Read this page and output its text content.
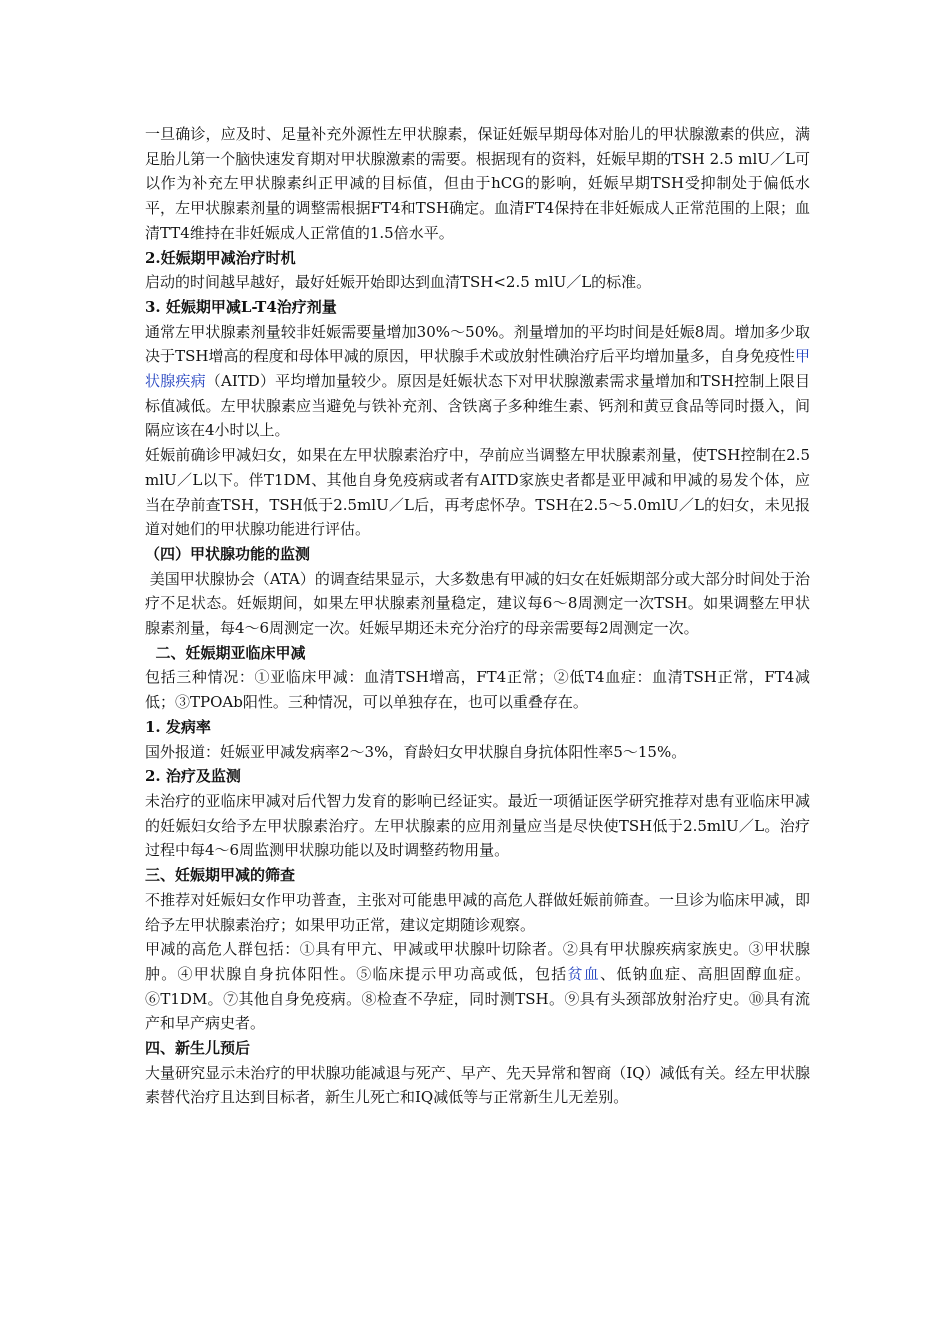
一旦确诊，应及时、足量补充外源性左甲状腺素，保证妊娠早期母体对胎儿的甲状腺激素的供应，满足胎儿第一个脑快速发育期对甲状腺激素的需要。根据现有的资料，妊娠早期的TSH 2.5 mlU／L可以作为补充左甲状腺素纠正甲减的目标值，但由于hCG的影响，妊娠早期TSH受抑制处于偏低水平，左甲状腺素剂量的调整需根据FT4和TSH确定。血清FT4保持在非妊娠成人正常范围的上限；血清TT4维持在非妊娠成人正常值的1.5倍水平。

2.妊娠期甲减治疗时机

启动的时间越早越好，最好妊娠开始即达到血清TSH<2.5 mlU／L的标准。

3. 妊娠期甲减L-T4治疗剂量

通常左甲状腺素剂量较非妊娠需要量增加30%～50%。剂量增加的平均时间是妊娠8周。增加多少取决于TSH增高的程度和母体甲减的原因，甲状腺手术或放射性碘治疗后平均增加量多，自身免疫性甲状腺疾病（AITD）平均增加量较少。原因是妊娠状态下对甲状腺激素需求量增加和TSH控制上限目标值减低。左甲状腺素应当避免与铁补充剂、含铁离子多种维生素、钙剂和黄豆食品等同时摄入，间隔应该在4小时以上。

妊娠前确诊甲减妇女，如果在左甲状腺素治疗中，孕前应当调整左甲状腺素剂量，使TSH控制在2.5 mlU／L以下。伴T1DM、其他自身免疫病或者有AITD家族史者都是亚甲减和甲减的易发个体，应当在孕前查TSH，TSH低于2.5mlU／L后，再考虑怀孕。TSH在2.5～5.0mlU／L的妇女，未见报道对她们的甲状腺功能进行评估。

（四）甲状腺功能的监测

美国甲状腺协会（ATA）的调查结果显示，大多数患有甲减的妇女在妊娠期部分或大部分时间处于治疗不足状态。妊娠期间，如果左甲状腺素剂量稳定，建议每6～8周测定一次TSH。如果调整左甲状腺素剂量，每4～6周测定一次。妊娠早期还未充分治疗的母亲需要每2周测定一次。

二、妊娠期亚临床甲减

包括三种情况：①亚临床甲减：血清TSH增高，FT4正常；②低T4血症：血清TSH正常，FT4减低；③TPOAb阳性。三种情况，可以单独存在，也可以重叠存在。

1. 发病率

国外报道：妊娠亚甲减发病率2～3%，育龄妇女甲状腺自身抗体阳性率5～15%。

2. 治疗及监测

未治疗的亚临床甲减对后代智力发育的影响已经证实。最近一项循证医学研究推荐对患有亚临床甲减的妊娠妇女给予左甲状腺素治疗。左甲状腺素的应用剂量应当是尽快使TSH低于2.5mlU／L。治疗过程中每4～6周监测甲状腺功能以及时调整药物用量。

三、妊娠期甲减的筛查

不推荐对妊娠妇女作甲功普查，主张对可能患甲减的高危人群做妊娠前筛查。一旦诊为临床甲减，即给予左甲状腺素治疗；如果甲功正常，建议定期随诊观察。

甲减的高危人群包括：①具有甲亢、甲减或甲状腺叶切除者。②具有甲状腺疾病家族史。③甲状腺肿。④甲状腺自身抗体阳性。⑤临床提示甲功高或低，包括贫血、低钠血症、高胆固醇血症。⑥T1DM。⑦其他自身免疫病。⑧检查不孕症，同时测TSH。⑨具有头颈部放射治疗史。⑩具有流产和早产病史者。

四、新生儿预后

大量研究显示未治疗的甲状腺功能减退与死产、早产、先天异常和智商（IQ）减低有关。经左甲状腺素替代治疗且达到目标者，新生儿死亡和IQ减低等与正常新生儿无差别。
